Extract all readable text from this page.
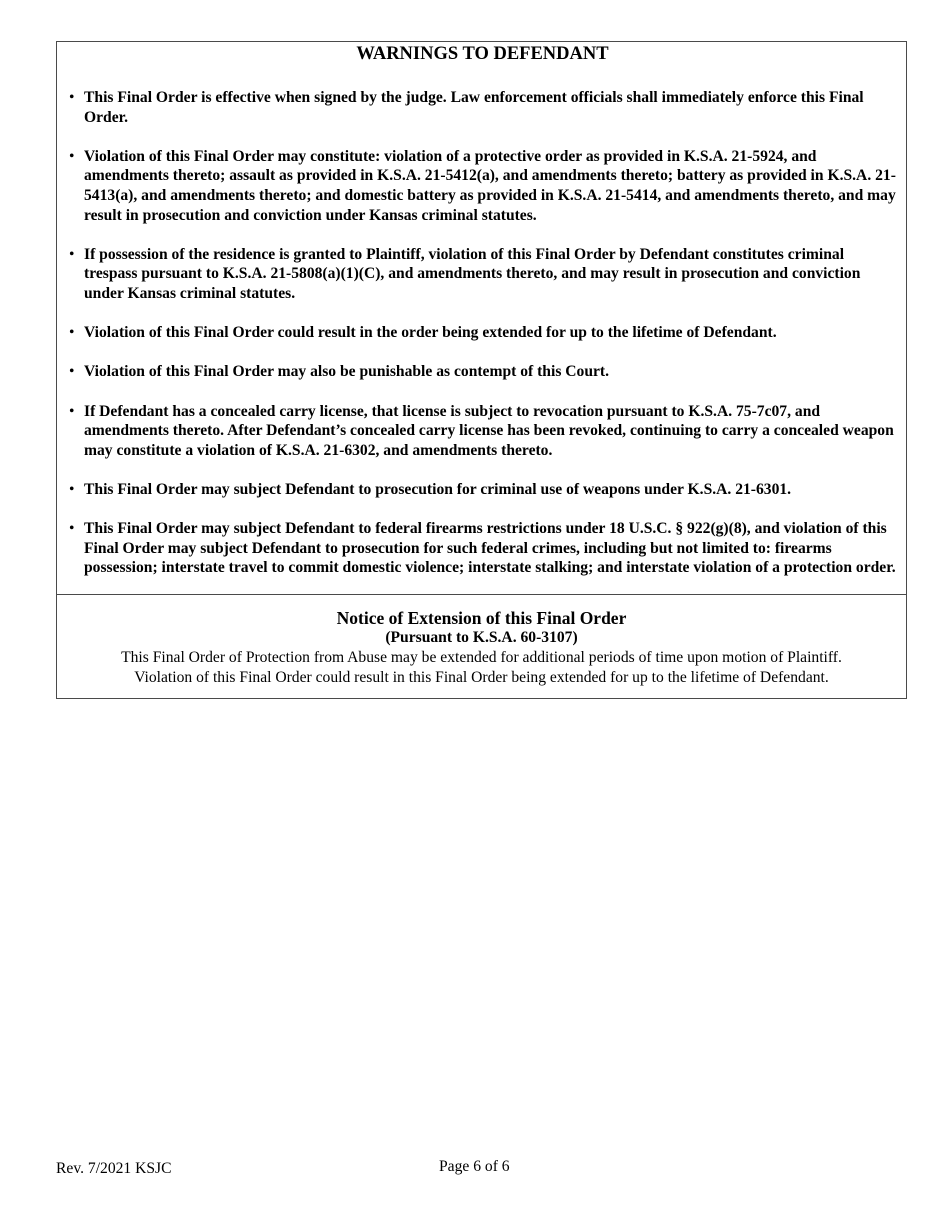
WARNINGS TO DEFENDANT
• This Final Order is effective when signed by the judge. Law enforcement officials shall immediately enforce this Final Order.
• Violation of this Final Order may constitute: violation of a protective order as provided in K.S.A. 21-5924, and amendments thereto; assault as provided in K.S.A. 21-5412(a), and amendments thereto; battery as provided in K.S.A. 21-5413(a), and amendments thereto; and domestic battery as provided in K.S.A. 21-5414, and amendments thereto, and may result in prosecution and conviction under Kansas criminal statutes.
• If possession of the residence is granted to Plaintiff, violation of this Final Order by Defendant constitutes criminal trespass pursuant to K.S.A. 21-5808(a)(1)(C), and amendments thereto, and may result in prosecution and conviction under Kansas criminal statutes.
• Violation of this Final Order could result in the order being extended for up to the lifetime of Defendant.
• Violation of this Final Order may also be punishable as contempt of this Court.
• If Defendant has a concealed carry license, that license is subject to revocation pursuant to K.S.A. 75-7c07, and amendments thereto. After Defendant’s concealed carry license has been revoked, continuing to carry a concealed weapon may constitute a violation of K.S.A. 21-6302, and amendments thereto.
• This Final Order may subject Defendant to prosecution for criminal use of weapons under K.S.A. 21-6301.
• This Final Order may subject Defendant to federal firearms restrictions under 18 U.S.C. § 922(g)(8), and violation of this Final Order may subject Defendant to prosecution for such federal crimes, including but not limited to: firearms possession; interstate travel to commit domestic violence; interstate stalking; and interstate violation of a protection order.
Notice of Extension of this Final Order
(Pursuant to K.S.A. 60-3107)
This Final Order of Protection from Abuse may be extended for additional periods of time upon motion of Plaintiff.
Violation of this Final Order could result in this Final Order being extended for up to the lifetime of Defendant.
Rev. 7/2021 KSJC	Page 6 of 6
